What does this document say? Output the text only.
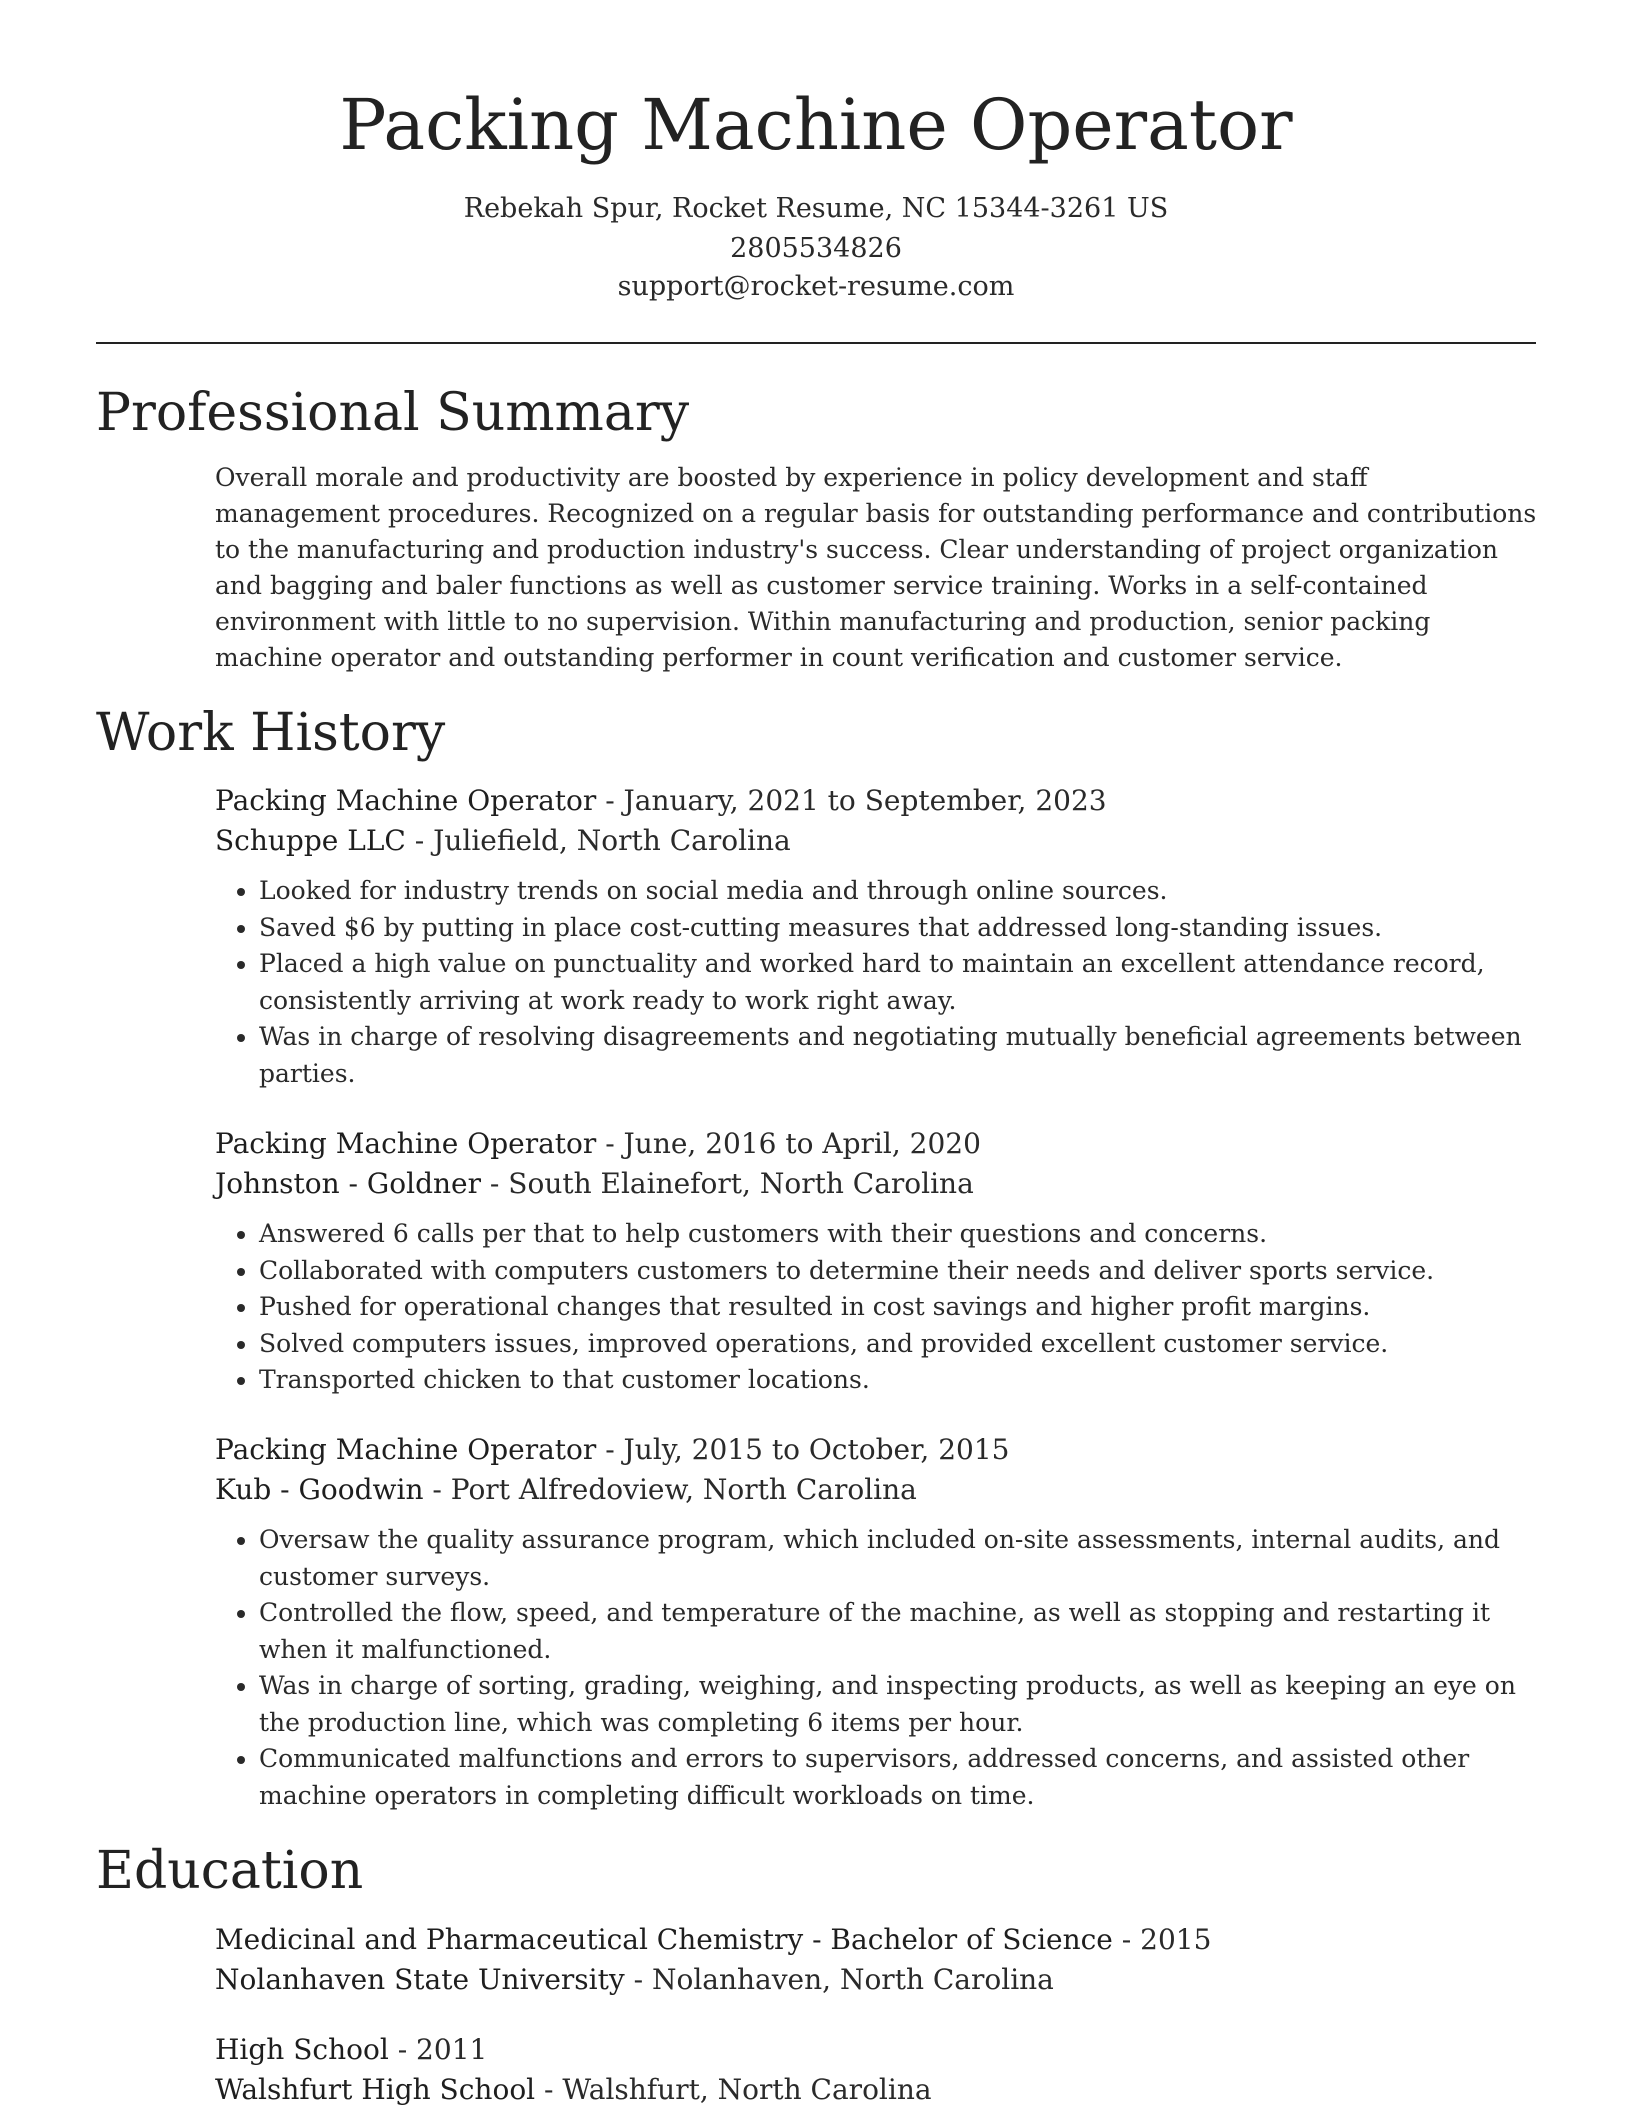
Packing Machine Operator
Rebekah Spur, Rocket Resume, NC 15344-3261 US
2805534826
support@rocket-resume.com
Professional Summary
Overall morale and productivity are boosted by experience in policy development and staff management procedures. Recognized on a regular basis for outstanding performance and contributions to the manufacturing and production industry's success. Clear understanding of project organization and bagging and baler functions as well as customer service training. Works in a self-contained environment with little to no supervision. Within manufacturing and production, senior packing machine operator and outstanding performer in count verification and customer service.
Work History
Packing Machine Operator - January, 2021 to September, 2023
Schuppe LLC - Juliefield, North Carolina
• Looked for industry trends on social media and through online sources.
• Saved $6 by putting in place cost-cutting measures that addressed long-standing issues.
• Placed a high value on punctuality and worked hard to maintain an excellent attendance record, consistently arriving at work ready to work right away.
• Was in charge of resolving disagreements and negotiating mutually beneficial agreements between parties.
Packing Machine Operator - June, 2016 to April, 2020
Johnston - Goldner - South Elainefort, North Carolina
• Answered 6 calls per that to help customers with their questions and concerns.
• Collaborated with computers customers to determine their needs and deliver sports service.
• Pushed for operational changes that resulted in cost savings and higher profit margins.
• Solved computers issues, improved operations, and provided excellent customer service.
• Transported chicken to that customer locations.
Packing Machine Operator - July, 2015 to October, 2015
Kub - Goodwin - Port Alfredoview, North Carolina
• Oversaw the quality assurance program, which included on-site assessments, internal audits, and customer surveys.
• Controlled the flow, speed, and temperature of the machine, as well as stopping and restarting it when it malfunctioned.
• Was in charge of sorting, grading, weighing, and inspecting products, as well as keeping an eye on the production line, which was completing 6 items per hour.
• Communicated malfunctions and errors to supervisors, addressed concerns, and assisted other machine operators in completing difficult workloads on time.
Education
Medicinal and Pharmaceutical Chemistry - Bachelor of Science - 2015
Nolanhaven State University - Nolanhaven, North Carolina
High School - 2011
Walshfurt High School - Walshfurt, North Carolina
